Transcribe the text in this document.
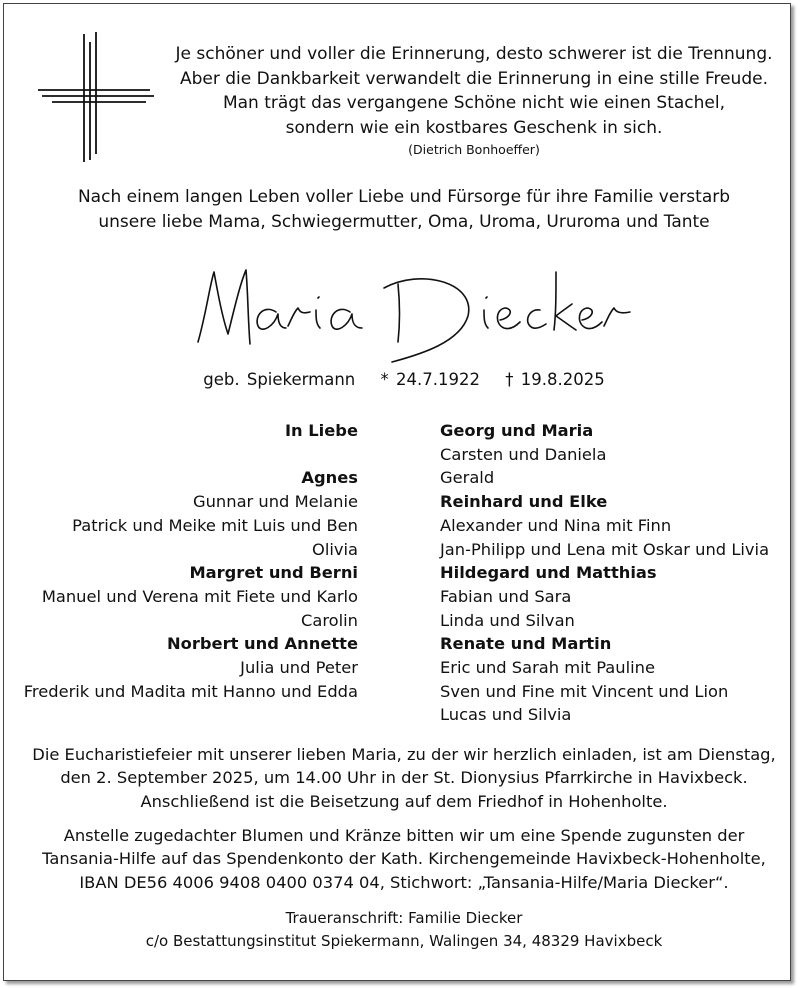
Je schöner und voller die Erinnerung, desto schwerer ist die Trennung.
Aber die Dankbarkeit verwandelt die Erinnerung in eine stille Freude.
Man trägt das vergangene Schöne nicht wie einen Stachel,
sondern wie ein kostbares Geschenk in sich.
(Dietrich Bonhoeffer)
Nach einem langen Leben voller Liebe und Fürsorge für ihre Familie verstarb
unsere liebe Mama, Schwiegermutter, Oma, Uroma, Ururoma und Tante
geb. Spiekermann * 24.7.1922 † 19.8.2025
In Liebe
Agnes
Gunnar und Melanie
Patrick und Meike mit Luis und Ben
Olivia
Margret und Berni
Manuel und Verena mit Fiete und Karlo
Carolin
Norbert und Annette
Julia und Peter
Frederik und Madita mit Hanno und Edda
Georg und Maria
Carsten und Daniela
Gerald
Reinhard und Elke
Alexander und Nina mit Finn
Jan-Philipp und Lena mit Oskar und Livia
Hildegard und Matthias
Fabian und Sara
Linda und Silvan
Renate und Martin
Eric und Sarah mit Pauline
Sven und Fine mit Vincent und Lion
Lucas und Silvia
Die Eucharistiefeier mit unserer lieben Maria, zu der wir herzlich einladen, ist am Dienstag,
den 2. September 2025, um 14.00 Uhr in der St. Dionysius Pfarrkirche in Havixbeck.
Anschließend ist die Beisetzung auf dem Friedhof in Hohenholte.
Anstelle zugedachter Blumen und Kränze bitten wir um eine Spende zugunsten der
Tansania-Hilfe auf das Spendenkonto der Kath. Kirchengemeinde Havixbeck-Hohenholte,
IBAN DE56 4006 9408 0400 0374 04, Stichwort: „Tansania-Hilfe/Maria Diecker“.
Traueranschrift: Familie Diecker
c/o Bestattungsinstitut Spiekermann, Walingen 34, 48329 Havixbeck
